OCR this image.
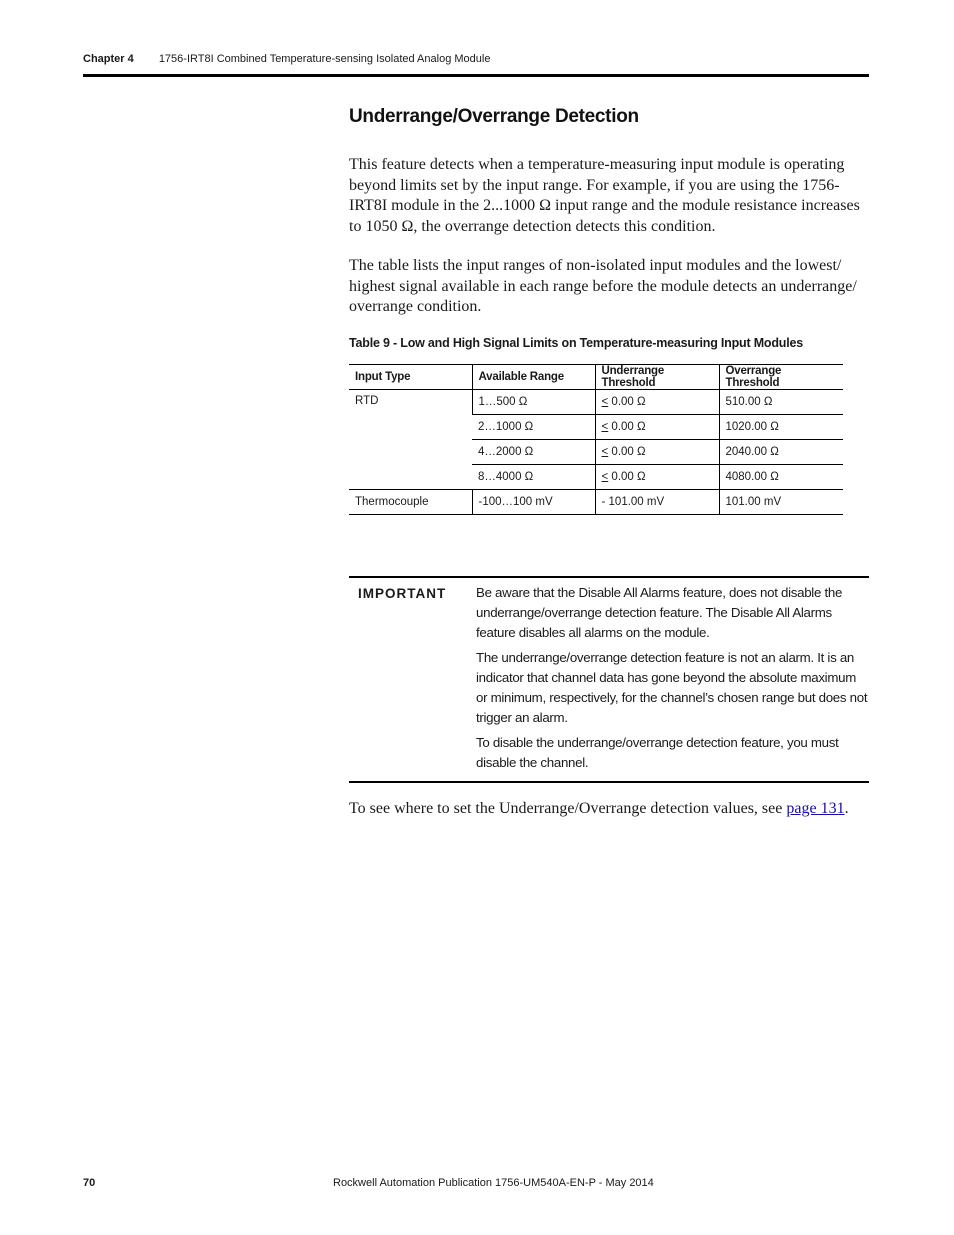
Chapter 4 1756-IRT8I Combined Temperature-sensing Isolated Analog Module
Underrange/Overrange Detection

This feature detects when a temperature-measuring input module is operating beyond limits set by the input range. For example, if you are using the 1756-IRT8I module in the 2...1000 Ω input range and the module resistance increases to 1050 Ω, the overrange detection detects this condition.

The table lists the input ranges of non-isolated input modules and the lowest/ highest signal available in each range before the module detects an underrange/ overrange condition.

Table 9 - Low and High Signal Limits on Temperature-measuring Input Modules

Input Type	Available Range	Underrange Threshold	Overrange Threshold
RTD	1…500 Ω	≤ 0.00 Ω	510.00 Ω
	2…1000 Ω	≤ 0.00 Ω	1020.00 Ω
	4…2000 Ω	≤ 0.00 Ω	2040.00 Ω
	8…4000 Ω	≤ 0.00 Ω	4080.00 Ω
Thermocouple	-100…100 mV	- 101.00 mV	101.00 mV
IMPORTANT Be aware that the Disable All Alarms feature, does not disable the underrange/overrange detection feature. The Disable All Alarms feature disables all alarms on the module.

The underrange/overrange detection feature is not an alarm. It is an indicator that channel data has gone beyond the absolute maximum or minimum, respectively, for the channel’s chosen range but does not trigger an alarm.

To disable the underrange/overrange detection feature, you must disable the channel.

To see where to set the Underrange/Overrange detection values, see page 131.

70	Rockwell Automation Publication 1756-UM540A-EN-P - May 2014
